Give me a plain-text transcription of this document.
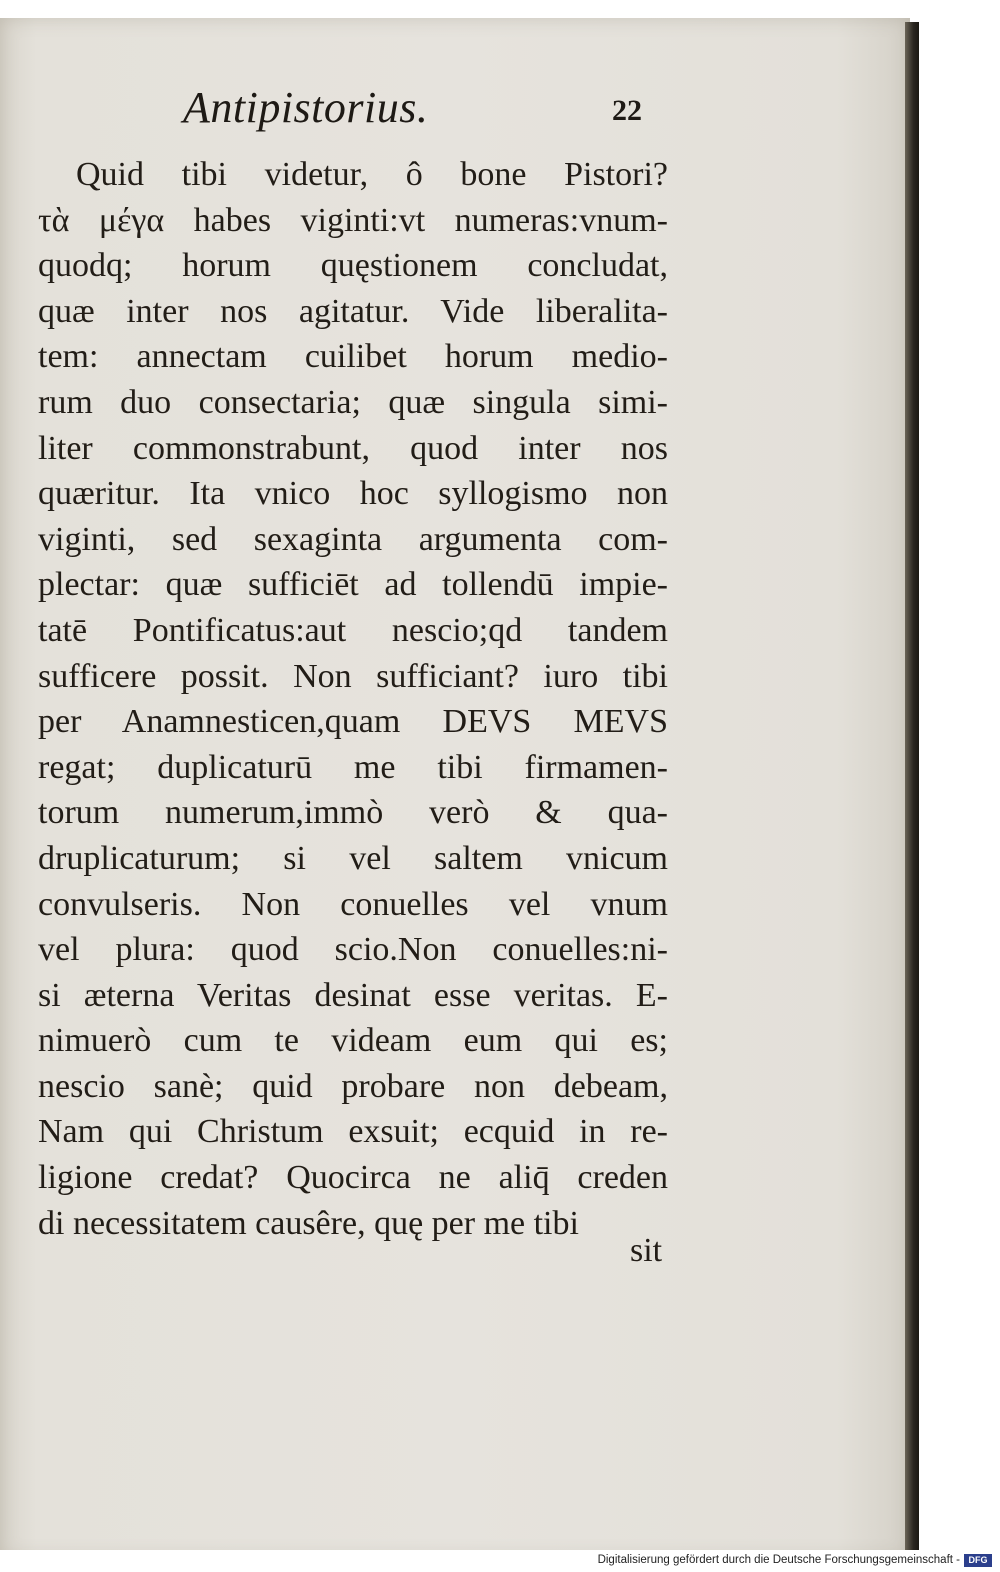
Antipistorius.	22
Quid tibi videtur, ô bone Pistori?
τὰ μέγα habes viginti:vt numeras:vnum-
quodq; horum quęstionem concludat,
quæ inter nos agitatur. Vide liberalita-
tem: annectam cuilibet horum medio-
rum duo consectaria; quæ singula simi-
liter commonstrabunt, quod inter nos
quæritur. Ita vnico hoc syllogismo non
viginti, sed sexaginta argumenta com-
plectar: quæ sufficiēt ad tollendū impie-
tatē Pontificatus:aut nescio;qd tandem
sufficere possit. Non sufficiant? iuro tibi
per Anamnesticen,quam DEVS MEVS
regat; duplicaturū me tibi firmamen-
torum numerum,immò verò & qua-
druplicaturum; si vel saltem vnicum
convulseris. Non conuelles vel vnum
vel plura: quod scio.Non conuelles:ni-
si æterna Veritas desinat esse veritas. E-
nimuerò cum te videam eum qui es;
nescio sanè; quid probare non debeam,
Nam qui Christum exsuit; ecquid in re-
ligione credat? Quocirca ne aliq̄ creden
di necessitatem causêre, quę per me tibi
sit
Digitalisierung gefördert durch die Deutsche Forschungsgemeinschaft - DFG
